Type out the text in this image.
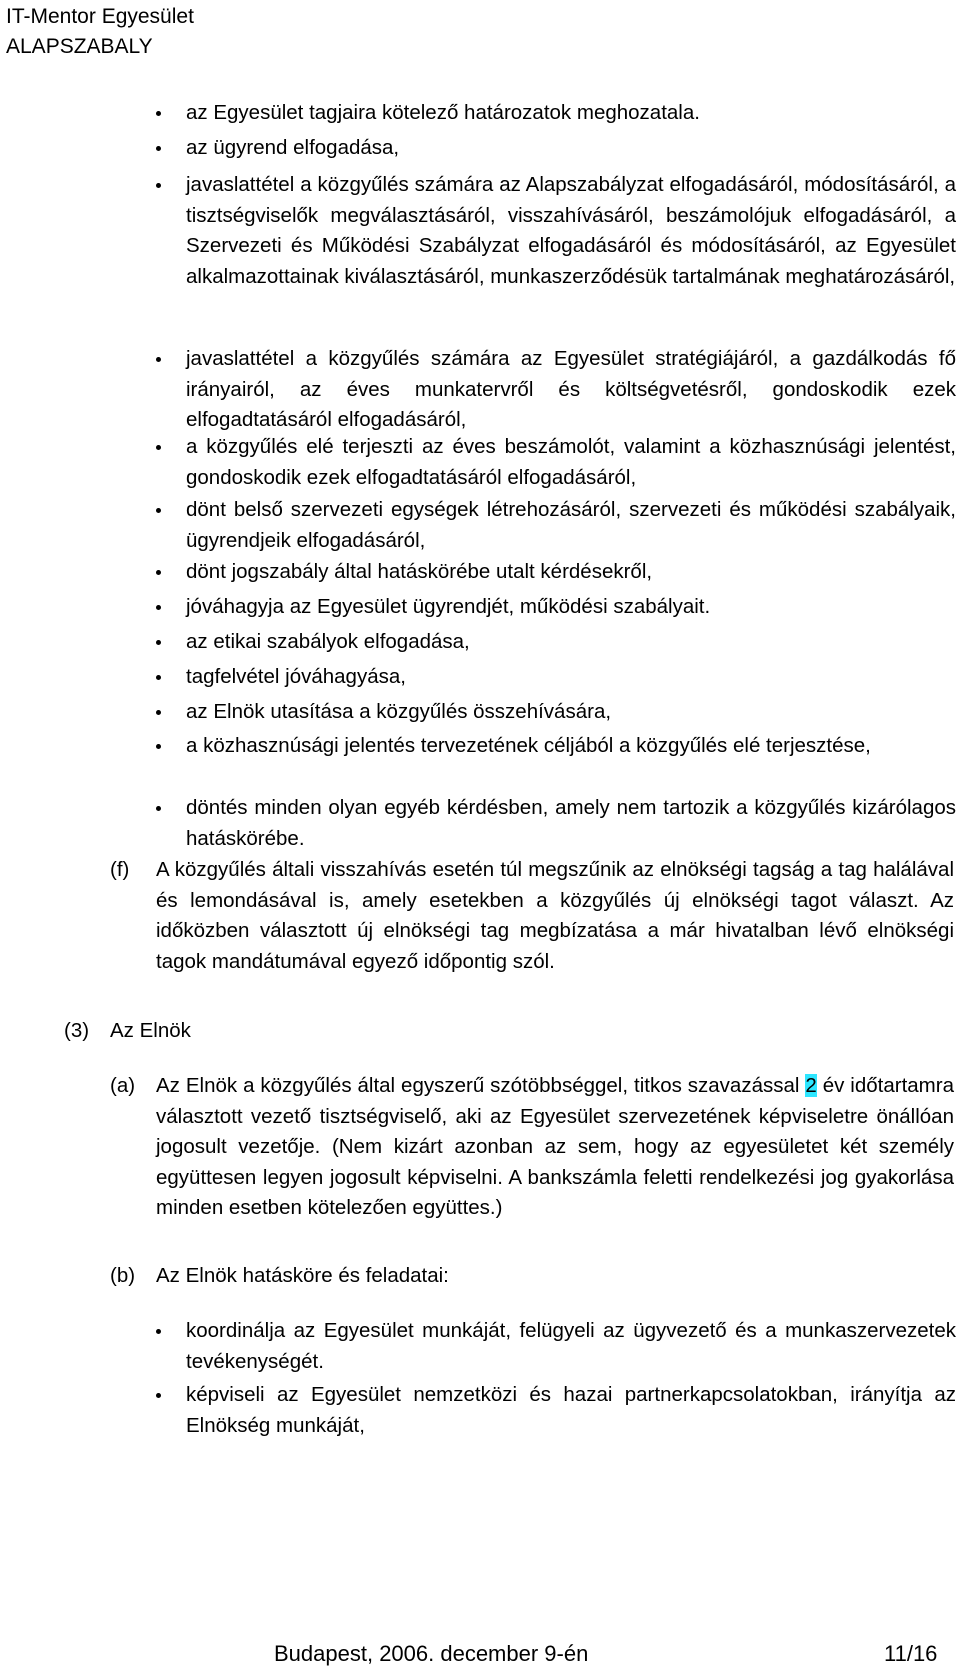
IT-Mentor Egyesület
ALAPSZABALY
az Egyesület tagjaira kötelező határozatok meghozatala.
az ügyrend elfogadása,
javaslattétel a közgyűlés számára az Alapszabályzat elfogadásáról, módosításáról, a tisztségviselők megválasztásáról, visszahívásáról, beszámolójuk elfogadásáról, a Szervezeti és Működési Szabályzat elfogadásáról és módosításáról, az Egyesület alkalmazottainak kiválasztásáról, munkaszerződésük tartalmának meghatározásáról,
javaslattétel a közgyűlés számára az Egyesület stratégiájáról, a gazdálkodás fő irányairól, az éves munkatervről és költségvetésről, gondoskodik ezek elfogadtatásáról elfogadásáról,
a közgyűlés elé terjeszti az éves beszámolót, valamint a közhasznúsági jelentést, gondoskodik ezek elfogadtatásáról elfogadásáról,
dönt belső szervezeti egységek létrehozásáról, szervezeti és működési szabályaik, ügyrendjeik elfogadásáról,
dönt jogszabály által hatáskörébe utalt kérdésekről,
jóváhagyja az Egyesület ügyrendjét, működési szabályait.
az etikai szabályok elfogadása,
tagfelvétel jóváhagyása,
az Elnök utasítása a közgyűlés összehívására,
a közhasznúsági jelentés tervezetének céljából a közgyűlés elé terjesztése,
döntés minden olyan egyéb kérdésben, amely nem tartozik a közgyűlés kizárólagos hatáskörébe.
(f) A közgyűlés általi visszahívás esetén túl megszűnik az elnökségi tagság a tag halálával és lemondásával is, amely esetekben a közgyűlés új elnökségi tagot választ. Az időközben választott új elnökségi tag megbízatása a már hivatalban lévő elnökségi tagok mandátumával egyező időpontig szól.
(3) Az Elnök
(a) Az Elnök a közgyűlés által egyszerű szótöbbséggel, titkos szavazással 2 év időtartamra választott vezető tisztségviselő, aki az Egyesület szervezetének képviseletre önállóan jogosult vezetője. (Nem kizárt azonban az sem, hogy az egyesületet két személy együttesen legyen jogosult képviselni. A bankszámla feletti rendelkezési jog gyakorlása minden esetben kötelezően együttes.)
(b) Az Elnök hatásköre és feladatai:
koordinálja az Egyesület munkáját, felügyeli az ügyvezető és a munkaszervezetek tevékenységét.
képviseli az Egyesület nemzetközi és hazai partnerkapcsolatokban, irányítja az Elnökség munkáját,
Budapest, 2006. december 9-én	11/16
